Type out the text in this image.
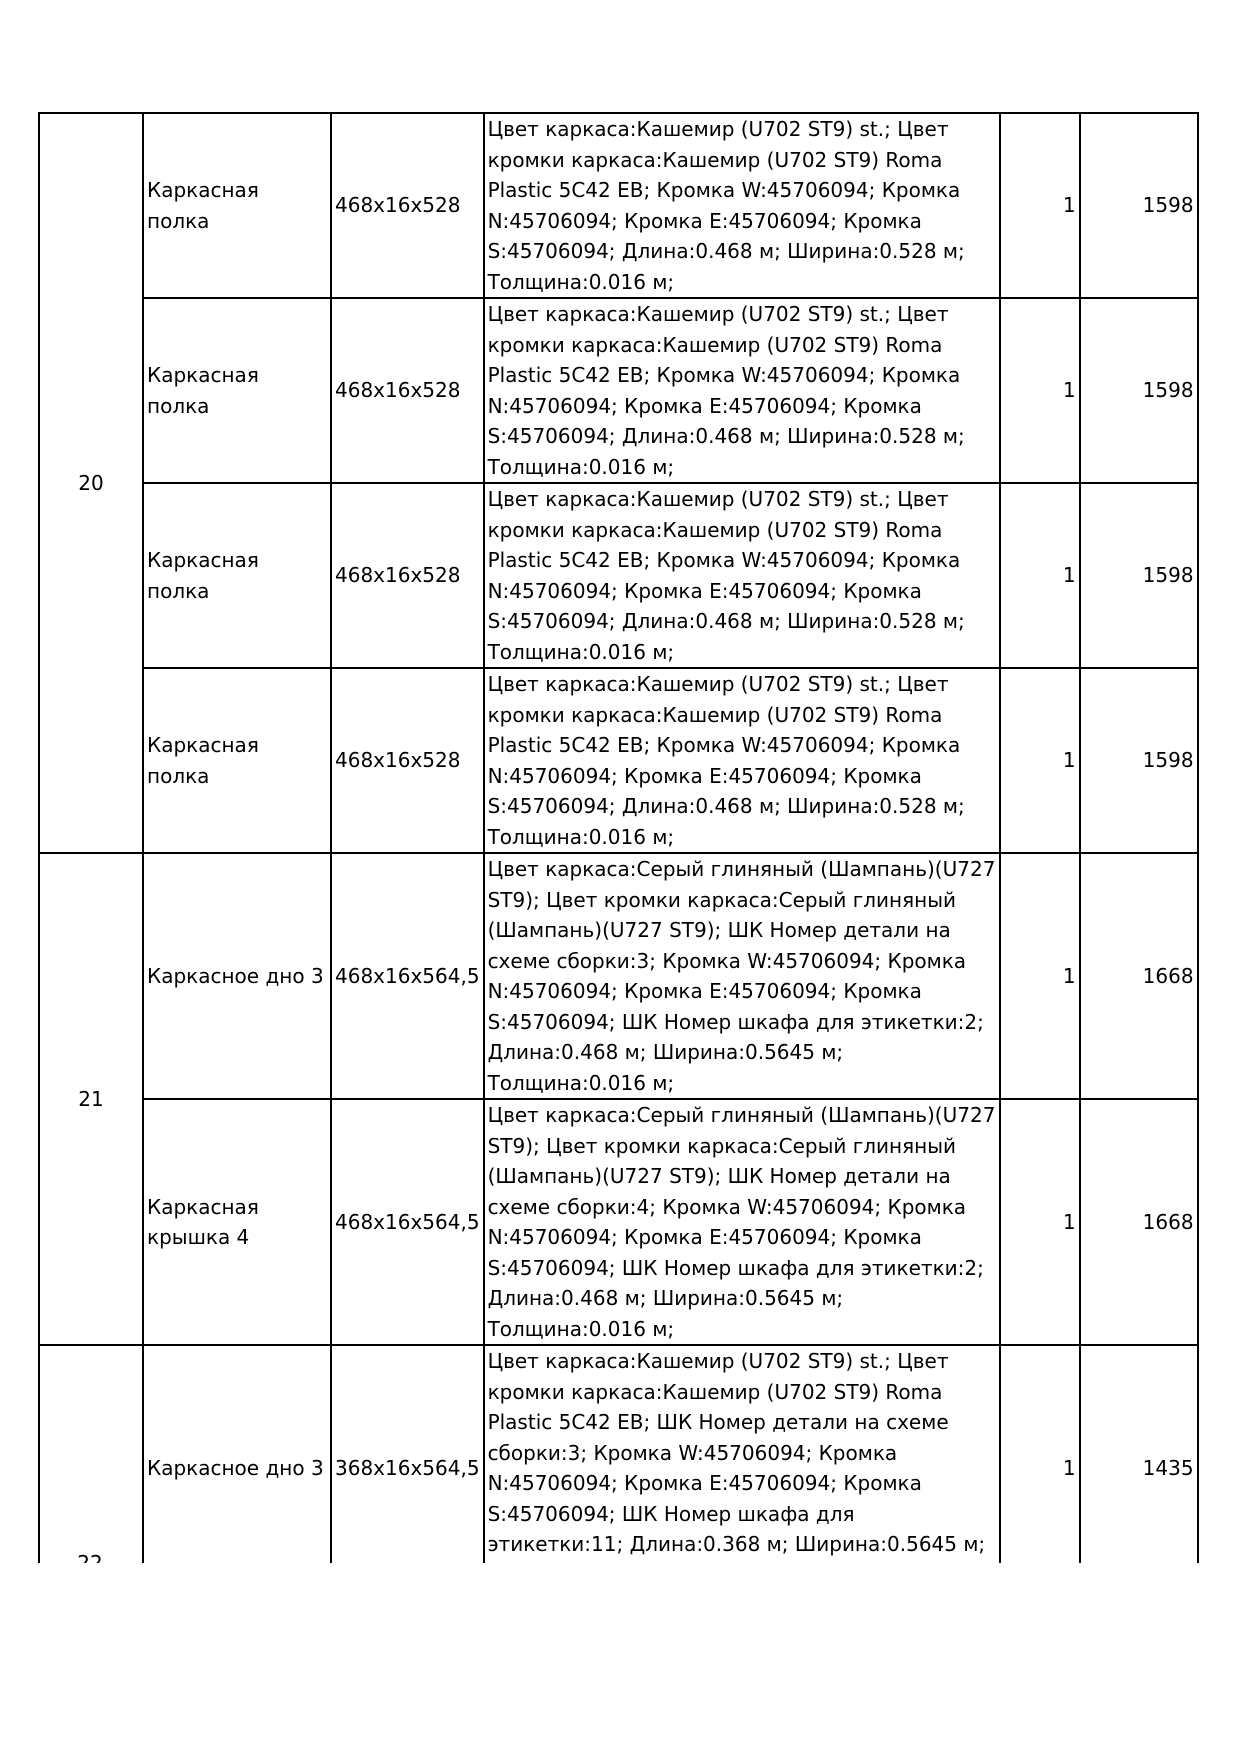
20	Каркасная полка	468x16x528	Цвет каркаса:Кашемир (U702 ST9) st.; Цвет кромки каркаса:Кашемир (U702 ST9) Roma Plastic 5C42 EB; Кромка W:45706094; Кромка N:45706094; Кромка E:45706094; Кромка S:45706094; Длина:0.468 м; Ширина:0.528 м; Толщина:0.016 м;	1	1598
	Каркасная полка	468x16x528	Цвет каркаса:Кашемир (U702 ST9) st.; Цвет кромки каркаса:Кашемир (U702 ST9) Roma Plastic 5C42 EB; Кромка W:45706094; Кромка N:45706094; Кромка E:45706094; Кромка S:45706094; Длина:0.468 м; Ширина:0.528 м; Толщина:0.016 м;	1	1598
	Каркасная полка	468x16x528	Цвет каркаса:Кашемир (U702 ST9) st.; Цвет кромки каркаса:Кашемир (U702 ST9) Roma Plastic 5C42 EB; Кромка W:45706094; Кромка N:45706094; Кромка E:45706094; Кромка S:45706094; Длина:0.468 м; Ширина:0.528 м; Толщина:0.016 м;	1	1598
	Каркасная полка	468x16x528	Цвет каркаса:Кашемир (U702 ST9) st.; Цвет кромки каркаса:Кашемир (U702 ST9) Roma Plastic 5C42 EB; Кромка W:45706094; Кромка N:45706094; Кромка E:45706094; Кромка S:45706094; Длина:0.468 м; Ширина:0.528 м; Толщина:0.016 м;	1	1598
21	Каркасное дно 3	468x16x564,5	Цвет каркаса:Серый глиняный (Шампань)(U727 ST9); Цвет кромки каркаса:Серый глиняный (Шампань)(U727 ST9); ШК Номер детали на схеме сборки:3; Кромка W:45706094; Кромка N:45706094; Кромка E:45706094; Кромка S:45706094; ШК Номер шкафа для этикетки:2; Длина:0.468 м; Ширина:0.5645 м; Толщина:0.016 м;	1	1668
	Каркасная крышка 4	468x16x564,5	Цвет каркаса:Серый глиняный (Шампань)(U727 ST9); Цвет кромки каркаса:Серый глиняный (Шампань)(U727 ST9); ШК Номер детали на схеме сборки:4; Кромка W:45706094; Кромка N:45706094; Кромка E:45706094; Кромка S:45706094; ШК Номер шкафа для этикетки:2; Длина:0.468 м; Ширина:0.5645 м; Толщина:0.016 м;	1	1668
	Каркасное дно 3	368x16x564,5	Цвет каркаса:Кашемир (U702 ST9) st.; Цвет кромки каркаса:Кашемир (U702 ST9) Roma Plastic 5C42 EB; ШК Номер детали на схеме сборки:3; Кромка W:45706094; Кромка N:45706094; Кромка E:45706094; Кромка S:45706094; ШК Номер шкафа для этикетки:11; Длина:0.368 м; Ширина:0.5645 м;	1	1435
